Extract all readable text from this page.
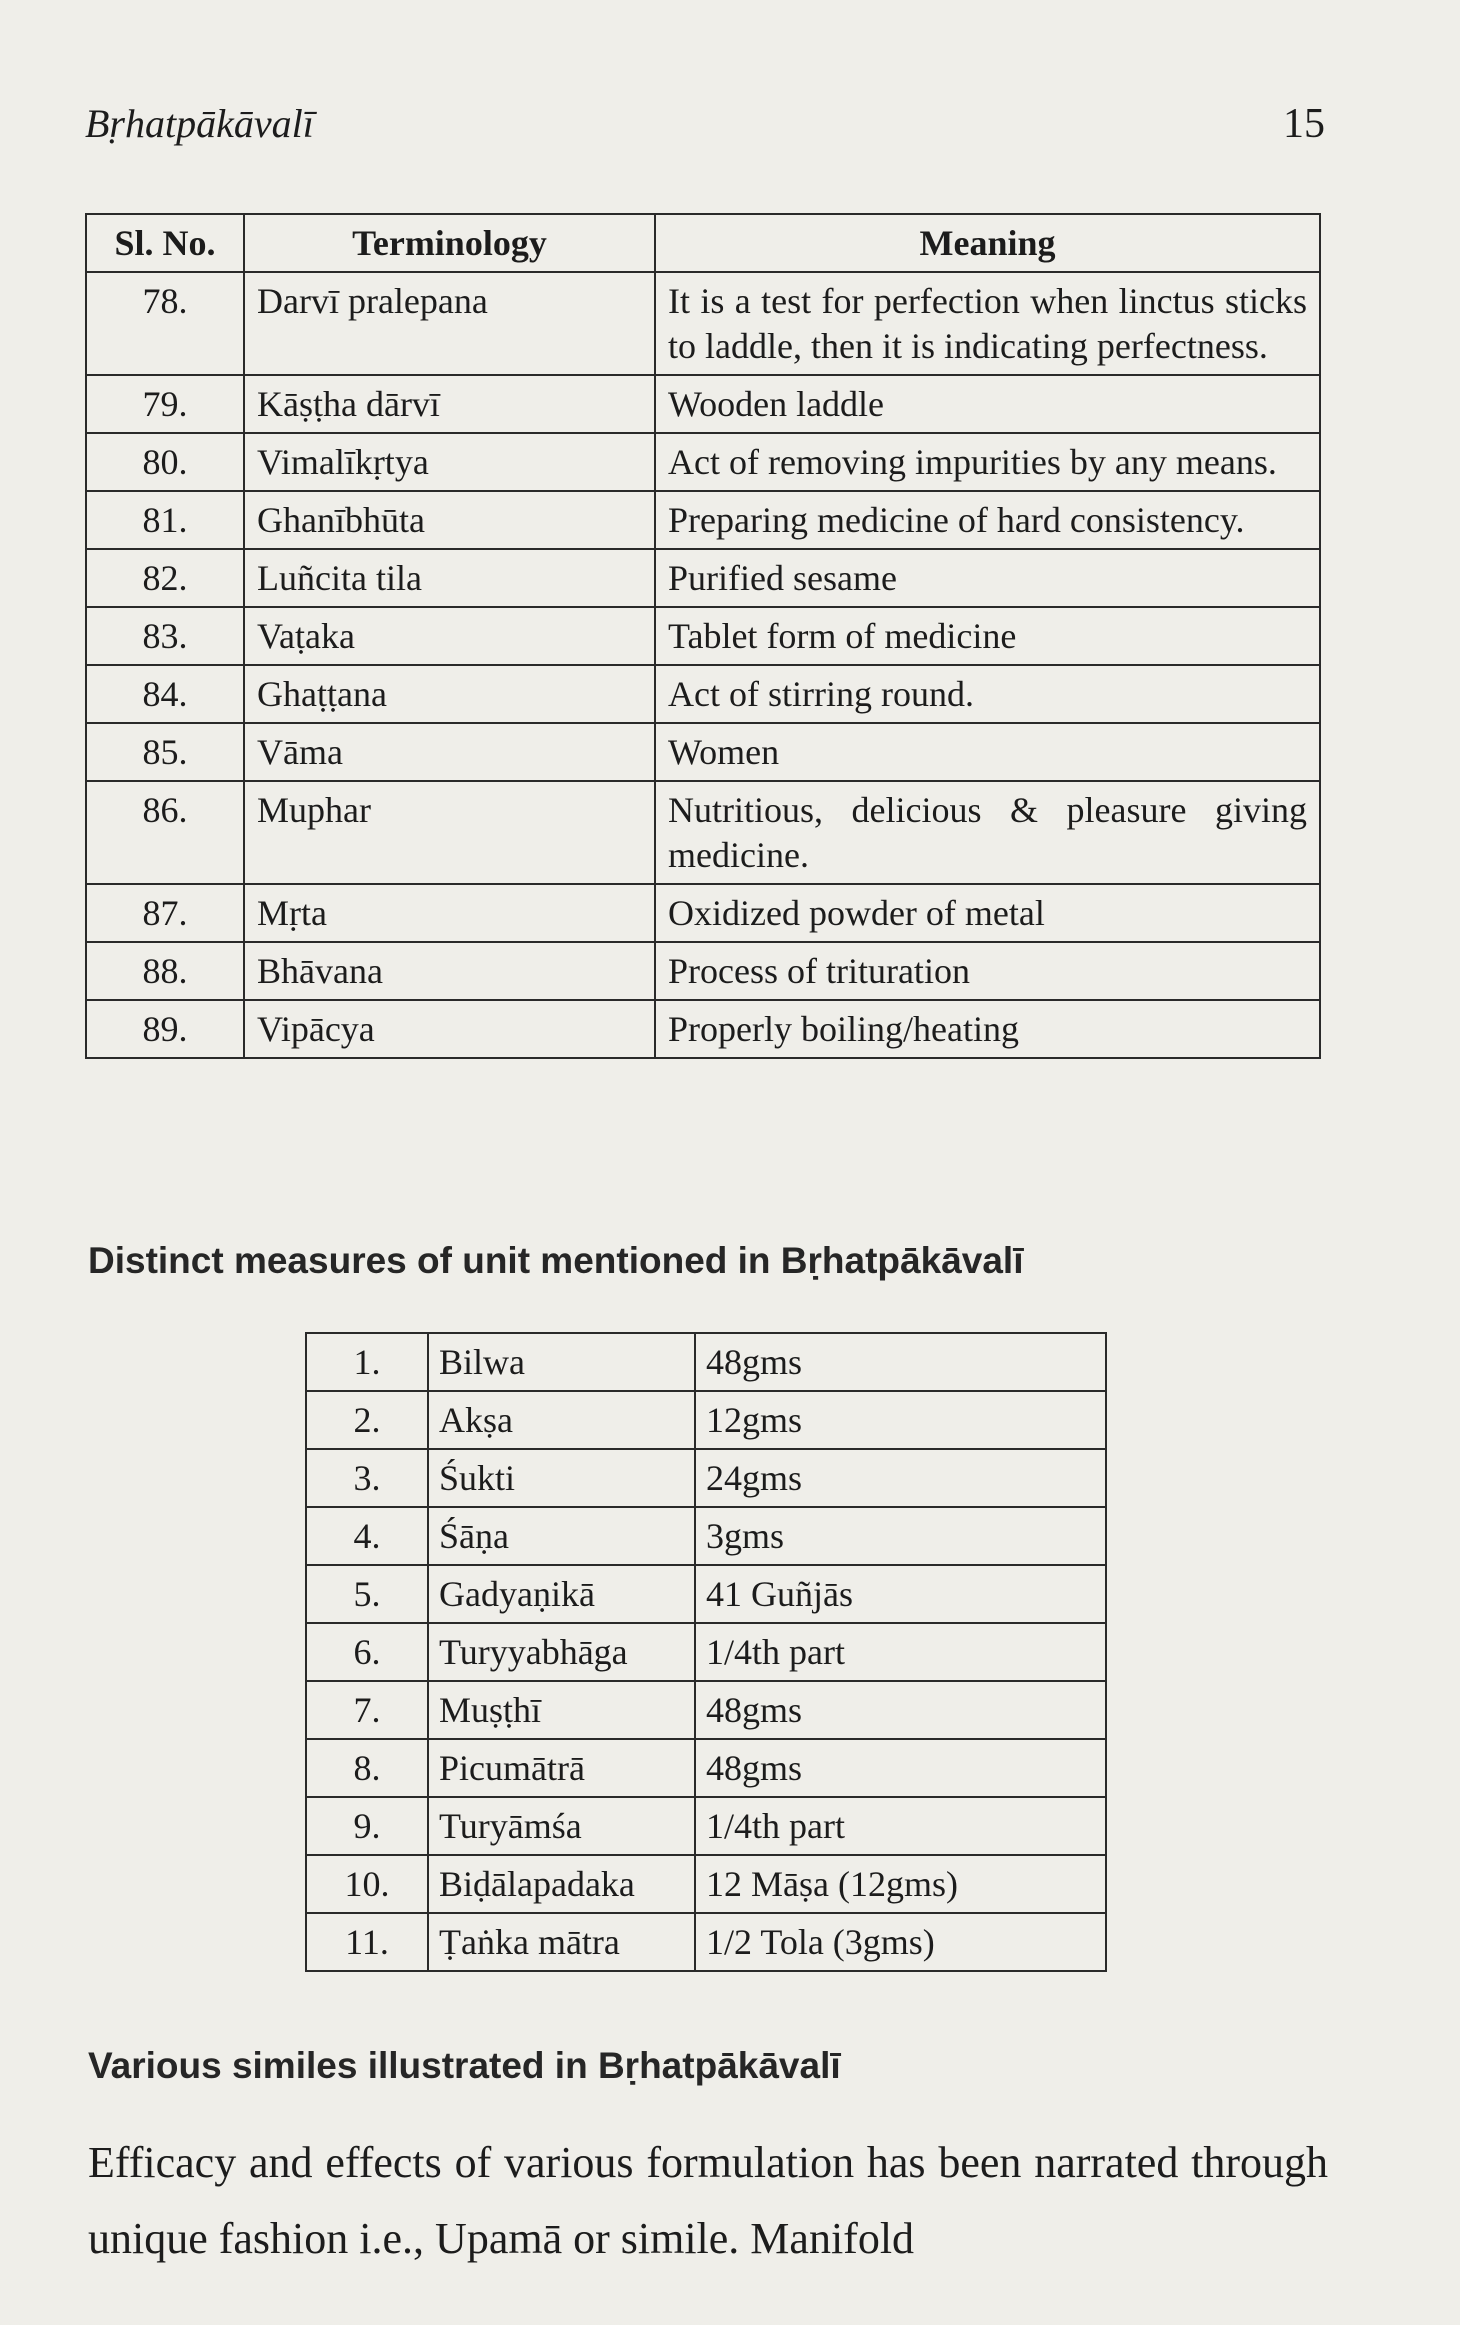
Bṛhatpākāvalī	15
Sl. No.	Terminology	Meaning
78.	Darvī pralepana	It is a test for perfection when linctus sticks to laddle, then it is indicating perfectness.
79.	Kāṣṭha dārvī	Wooden laddle
80.	Vimalīkṛtya	Act of removing impurities by any means.
81.	Ghanībhūta	Preparing medicine of hard consistency.
82.	Luñcita tila	Purified sesame
83.	Vaṭaka	Tablet form of medicine
84.	Ghaṭṭana	Act of stirring round.
85.	Vāma	Women
86.	Muphar	Nutritious, delicious & pleasure giving medicine.
87.	Mṛta	Oxidized powder of metal
88.	Bhāvana	Process of trituration
89.	Vipācya	Properly boiling/heating
Distinct measures of unit mentioned in Bṛhatpākāvalī
1.	Bilwa	48gms
2.	Akṣa	12gms
3.	Śukti	24gms
4.	Śāṇa	3gms
5.	Gadyaṇikā	41 Guñjās
6.	Turyyabhāga	1/4th part
7.	Muṣṭhī	48gms
8.	Picumātrā	48gms
9.	Turyāmśa	1/4th part
10.	Biḍālapadaka	12 Māṣa (12gms)
11.	Ṭaṅka mātra	1/2 Tola (3gms)
Various similes illustrated in Bṛhatpākāvalī
Efficacy and effects of various formulation has been narrated through unique fashion i.e., Upamā or simile. Manifold
